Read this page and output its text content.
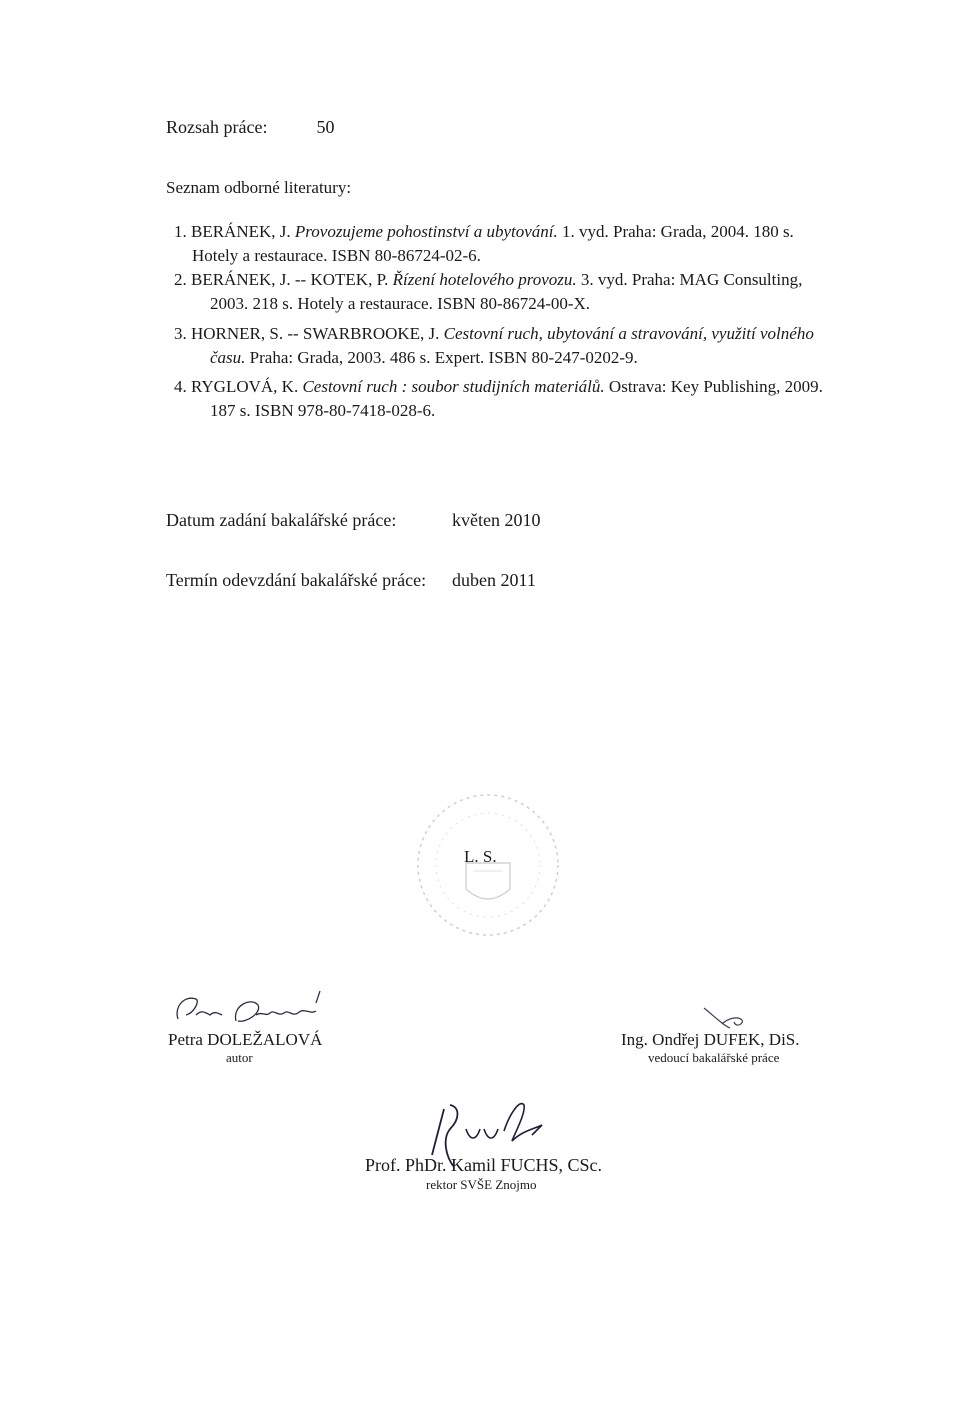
Rozsah práce:	50
Seznam odborné literatury:
1. BERÁNEK, J. Provozujeme pohostinství a ubytování. 1. vyd. Praha: Grada, 2004. 180 s.
Hotely a restaurace. ISBN 80-86724-02-6.
2. BERÁNEK, J. -- KOTEK, P. Řízení hotelového provozu. 3. vyd. Praha: MAG Consulting,
2003. 218 s. Hotely a restaurace. ISBN 80-86724-00-X.
3. HORNER, S. -- SWARBROOKE, J. Cestovní ruch, ubytování a stravování, využití volného
času. Praha: Grada, 2003. 486 s. Expert. ISBN 80-247-0202-9.
4. RYGLOVÁ, K. Cestovní ruch : soubor studijních materiálů. Ostrava: Key Publishing, 2009.
187 s. ISBN 978-80-7418-028-6.
Datum zadání bakalářské práce:	květen 2010
Termín odevzdání bakalářské práce: duben 2011
L. S.
Petra DOLEŽALOVÁ
autor
Ing. Ondřej DUFEK, DiS.
vedoucí bakalářské práce
Prof. PhDr. Kamil FUCHS, CSc.
rektor SVŠE Znojmo
